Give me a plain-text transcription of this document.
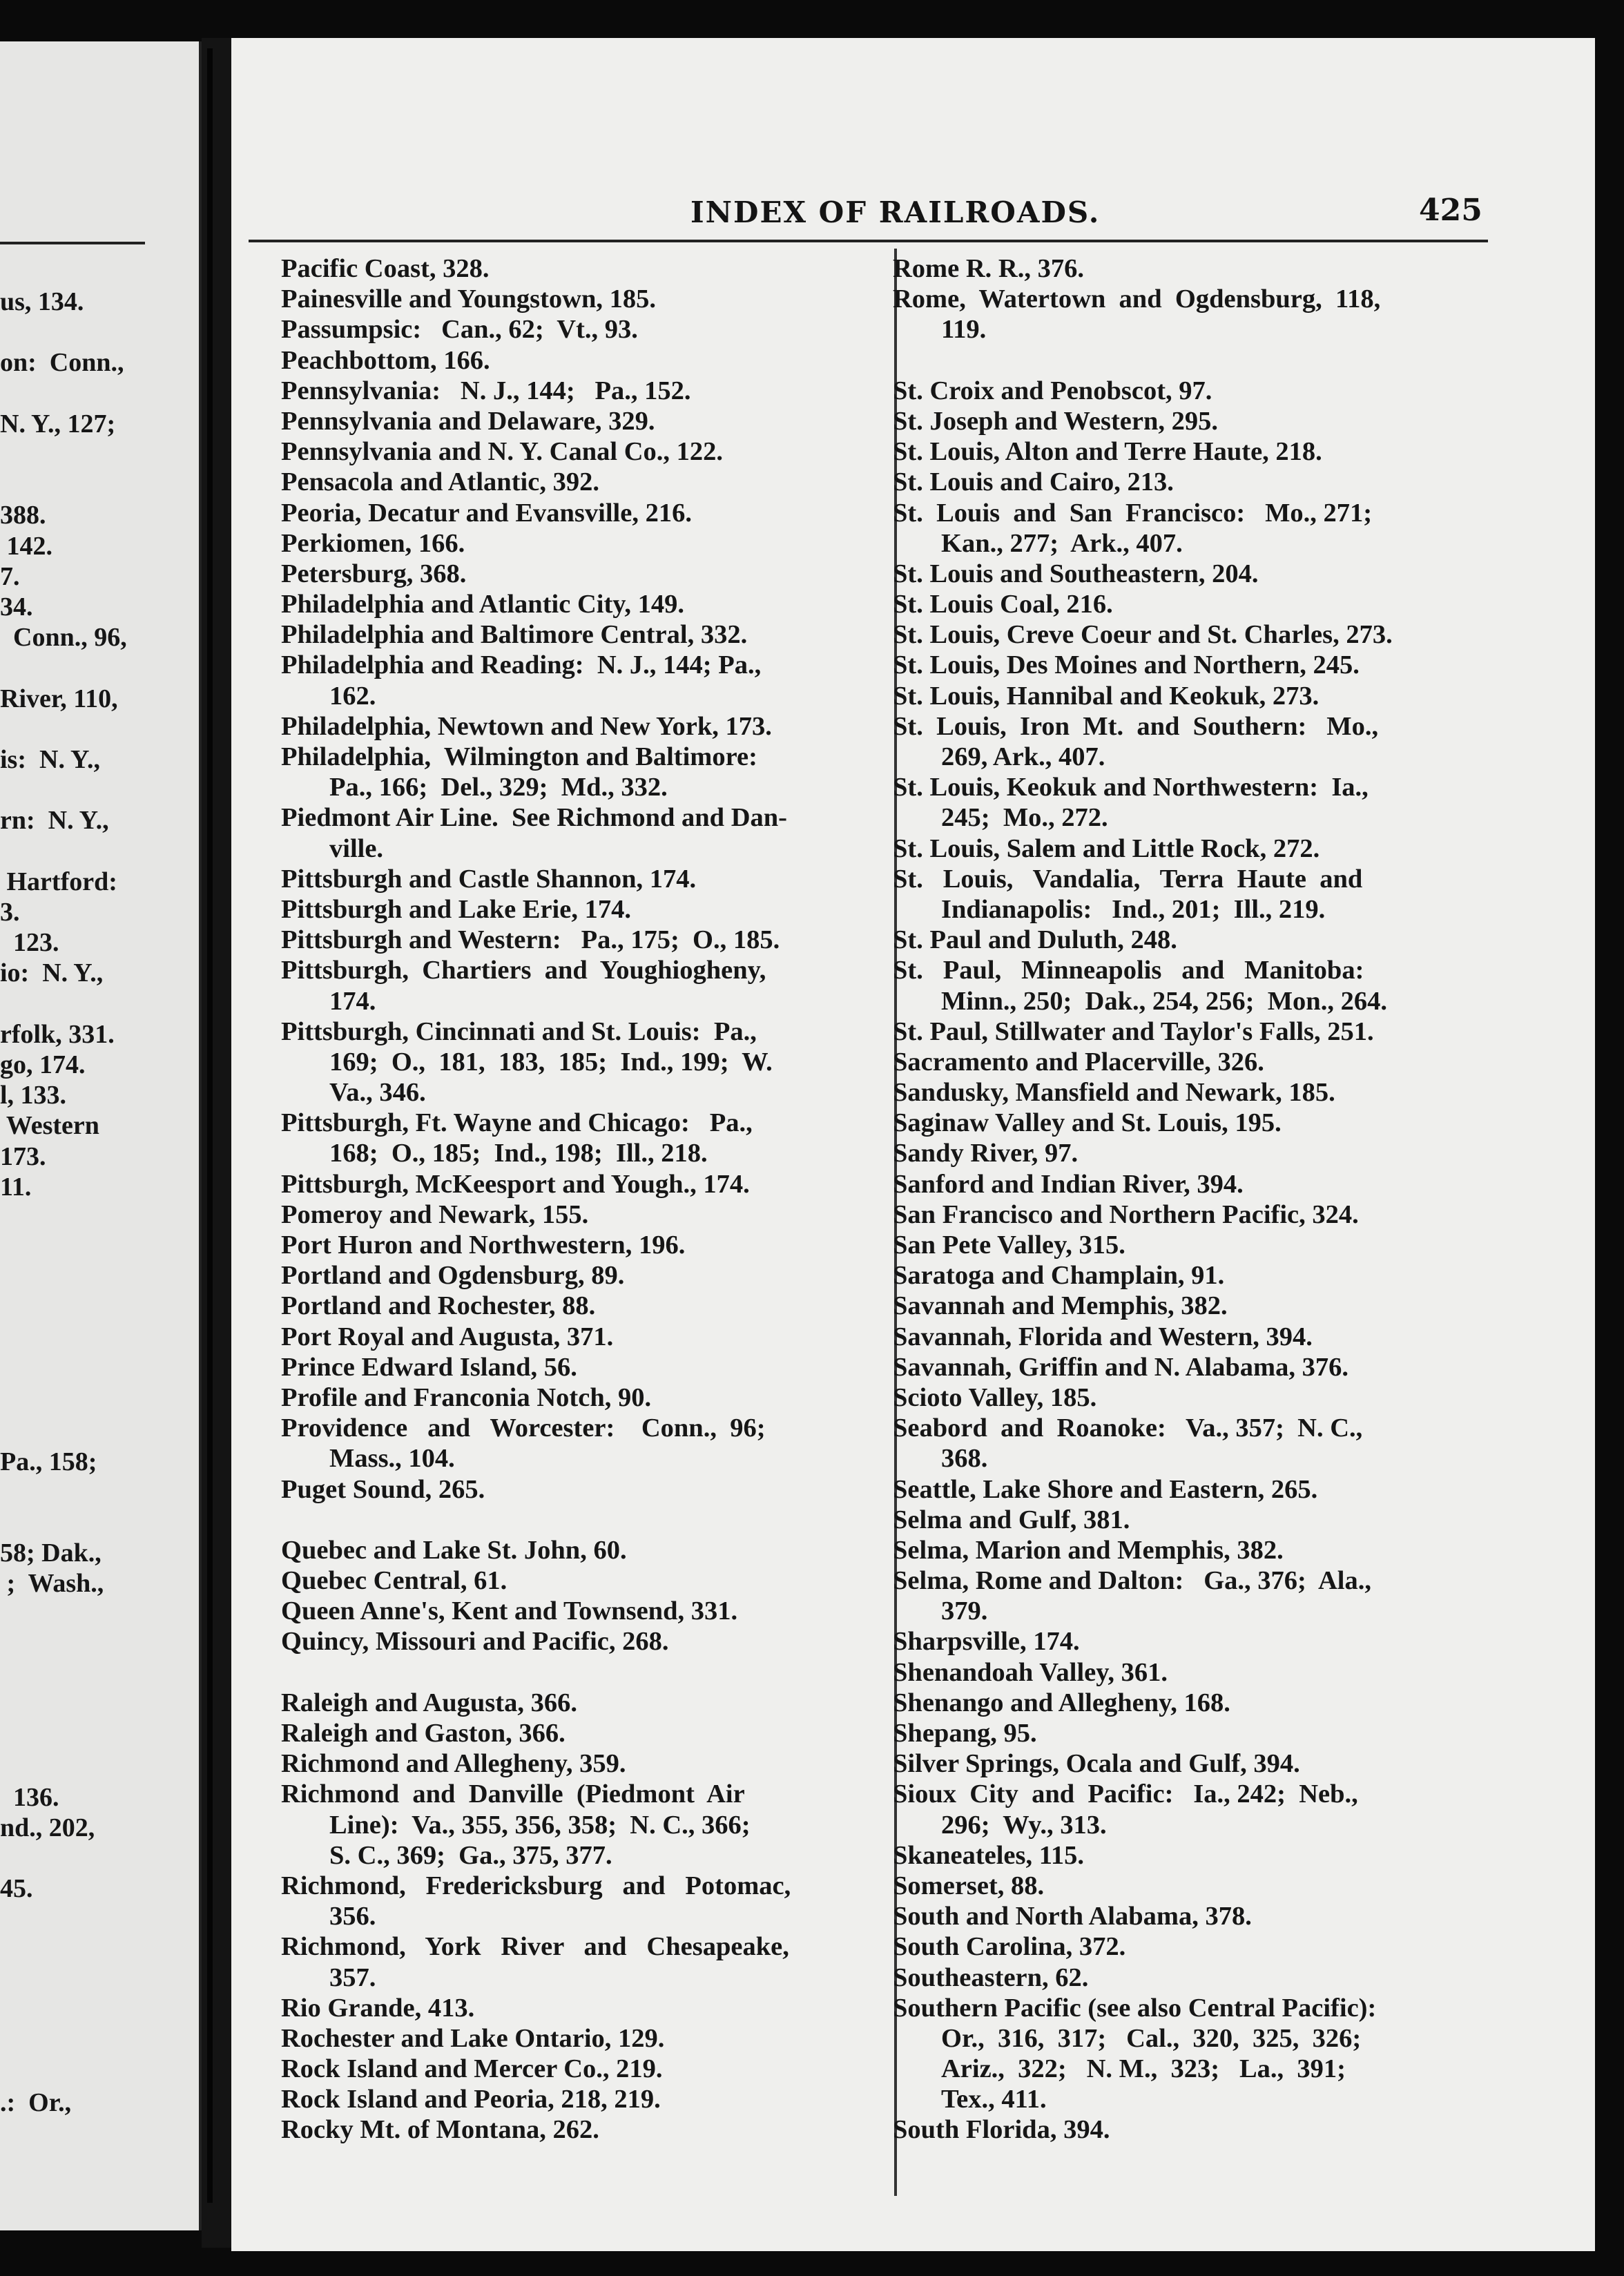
us, 134.
on:  Conn.,
N. Y., 127;
388.
142.
7.
34.
Conn., 96,
River, 110,
is:  N. Y.,
rn:  N. Y.,
Hartford:
3.
123.
io:  N. Y.,
rfolk, 331.
go, 174.
l, 133.
Western
173.
11.
Pa., 158;
58; Dak.,
;  Wash.,
136.
nd., 202,
45.
.:  Or.,
INDEX OF RAILROADS.	425
Pacific Coast, 328.
Painesville and Youngstown, 185.
Passumpsic:   Can., 62;  Vt., 93.
Peachbottom, 166.
Pennsylvania:   N. J., 144;   Pa., 152.
Pennsylvania and Delaware, 329.
Pennsylvania and N. Y. Canal Co., 122.
Pensacola and Atlantic, 392.
Peoria, Decatur and Evansville, 216.
Perkiomen, 166.
Petersburg, 368.
Philadelphia and Atlantic City, 149.
Philadelphia and Baltimore Central, 332.
Philadelphia and Reading:  N. J., 144; Pa.,
162.
Philadelphia, Newtown and New York, 173.
Philadelphia,  Wilmington and Baltimore:
Pa., 166;  Del., 329;  Md., 332.
Piedmont Air Line.  See Richmond and Dan-
ville.
Pittsburgh and Castle Shannon, 174.
Pittsburgh and Lake Erie, 174.
Pittsburgh and Western:   Pa., 175;  O., 185.
Pittsburgh,  Chartiers  and  Youghiogheny,
174.
Pittsburgh, Cincinnati and St. Louis:  Pa.,
169;  O.,  181,  183,  185;  Ind., 199;  W.
Va., 346.
Pittsburgh, Ft. Wayne and Chicago:   Pa.,
168;  O., 185;  Ind., 198;  Ill., 218.
Pittsburgh, McKeesport and Yough., 174.
Pomeroy and Newark, 155.
Port Huron and Northwestern, 196.
Portland and Ogdensburg, 89.
Portland and Rochester, 88.
Port Royal and Augusta, 371.
Prince Edward Island, 56.
Profile and Franconia Notch, 90.
Providence   and   Worcester:    Conn.,  96;
Mass., 104.
Puget Sound, 265.
Quebec and Lake St. John, 60.
Quebec Central, 61.
Queen Anne's, Kent and Townsend, 331.
Quincy, Missouri and Pacific, 268.
Raleigh and Augusta, 366.
Raleigh and Gaston, 366.
Richmond and Allegheny, 359.
Richmond  and  Danville  (Piedmont  Air
Line):  Va., 355, 356, 358;  N. C., 366;
S. C., 369;  Ga., 375, 377.
Richmond,   Fredericksburg   and   Potomac,
356.
Richmond,   York   River   and   Chesapeake,
357.
Rio Grande, 413.
Rochester and Lake Ontario, 129.
Rock Island and Mercer Co., 219.
Rock Island and Peoria, 218, 219.
Rocky Mt. of Montana, 262.
Rome R. R., 376.
Rome,  Watertown  and  Ogdensburg,  118,
119.
St. Croix and Penobscot, 97.
St. Joseph and Western, 295.
St. Louis, Alton and Terre Haute, 218.
St. Louis and Cairo, 213.
St.  Louis  and  San  Francisco:   Mo., 271;
Kan., 277;  Ark., 407.
St. Louis and Southeastern, 204.
St. Louis Coal, 216.
St. Louis, Creve Coeur and St. Charles, 273.
St. Louis, Des Moines and Northern, 245.
St. Louis, Hannibal and Keokuk, 273.
St.  Louis,  Iron  Mt.  and  Southern:   Mo.,
269, Ark., 407.
St. Louis, Keokuk and Northwestern:  Ia.,
245;  Mo., 272.
St. Louis, Salem and Little Rock, 272.
St.   Louis,   Vandalia,   Terra  Haute  and
Indianapolis:   Ind., 201;  Ill., 219.
St. Paul and Duluth, 248.
St.   Paul,   Minneapolis   and   Manitoba:
Minn., 250;  Dak., 254, 256;  Mon., 264.
St. Paul, Stillwater and Taylor's Falls, 251.
Sacramento and Placerville, 326.
Sandusky, Mansfield and Newark, 185.
Saginaw Valley and St. Louis, 195.
Sandy River, 97.
Sanford and Indian River, 394.
San Francisco and Northern Pacific, 324.
San Pete Valley, 315.
Saratoga and Champlain, 91.
Savannah and Memphis, 382.
Savannah, Florida and Western, 394.
Savannah, Griffin and N. Alabama, 376.
Scioto Valley, 185.
Seabord  and  Roanoke:   Va., 357;  N. C.,
368.
Seattle, Lake Shore and Eastern, 265.
Selma and Gulf, 381.
Selma, Marion and Memphis, 382.
Selma, Rome and Dalton:   Ga., 376;  Ala.,
379.
Sharpsville, 174.
Shenandoah Valley, 361.
Shenango and Allegheny, 168.
Shepang, 95.
Silver Springs, Ocala and Gulf, 394.
Sioux  City  and  Pacific:   Ia., 242;  Neb.,
296;  Wy., 313.
Skaneateles, 115.
Somerset, 88.
South and North Alabama, 378.
South Carolina, 372.
Southeastern, 62.
Southern Pacific (see also Central Pacific):
Or.,  316,  317;   Cal.,  320,  325,  326;
Ariz.,  322;   N. M.,  323;   La.,  391;
Tex., 411.
South Florida, 394.
